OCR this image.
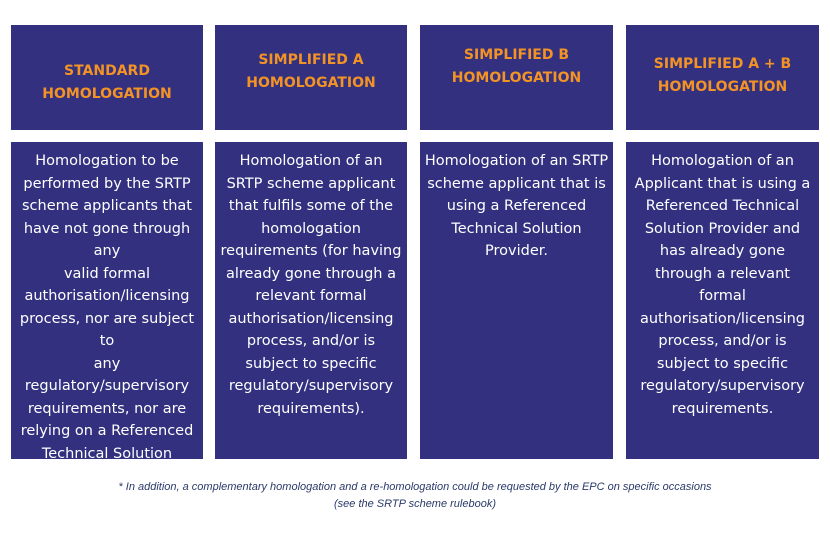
STANDARD
HOMOLOGATION
SIMPLIFIED A
HOMOLOGATION
SIMPLIFIED B
HOMOLOGATION
SIMPLIFIED A + B
HOMOLOGATION
Homologation to be
performed by the SRTP
scheme applicants that
have not gone through any
valid formal
authorisation/licensing
process, nor are subject to
any
regulatory/supervisory
requirements, nor are
relying on a Referenced
Technical Solution
Provider.
Homologation of an
SRTP scheme applicant
that fulfils some of the
homologation
requirements (for having
already gone through a
relevant formal
authorisation/licensing
process, and/or is
subject to specific
regulatory/supervisory
requirements).
Homologation of an SRTP
scheme applicant that is
using a Referenced
Technical Solution
Provider.
Homologation of an
Applicant that is using a
Referenced Technical
Solution Provider and
has already gone
through a relevant
formal
authorisation/licensing
process, and/or is
subject to specific
regulatory/supervisory
requirements.
* In addition, a complementary homologation and a re-homologation could be requested by the EPC on specific occasions
(see the SRTP scheme rulebook)
